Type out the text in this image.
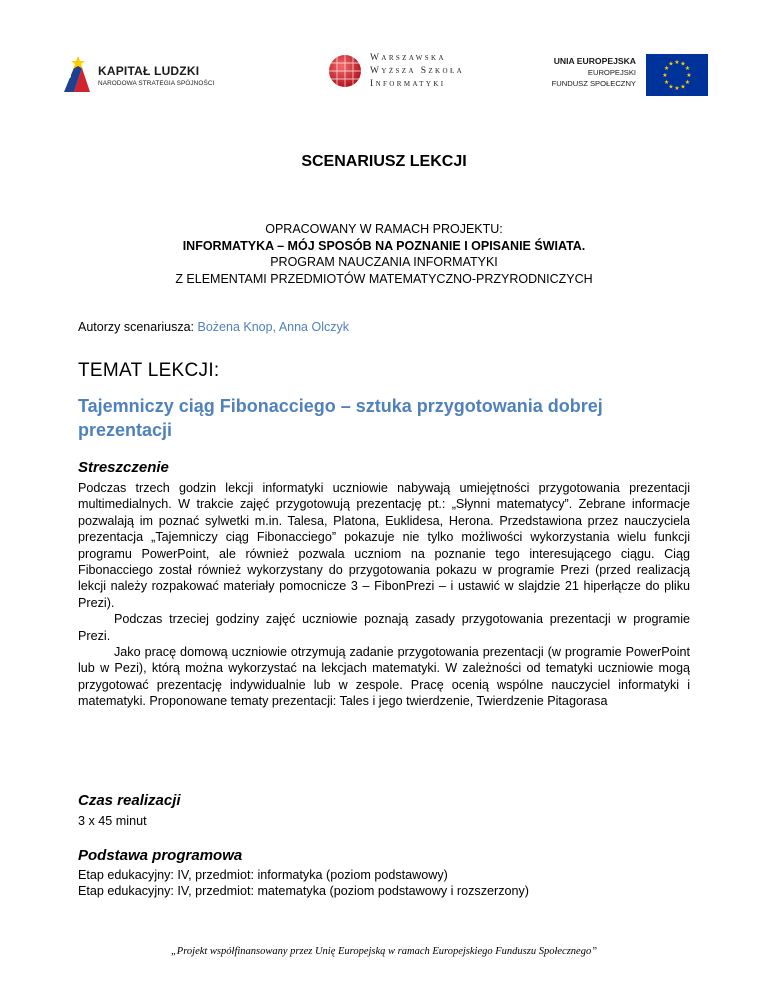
KAPITAŁ LUDZKI
NARODOWA STRATEGIA SPÓJNOŚCI
Warszawska
Wyższa Szkoła
Informatyki
UNIA EUROPEJSKA
EUROPEJSKI
FUNDUSZ SPOŁECZNY
★ ★
★
★
★
★
★
★
★
★
★
★
SCENARIUSZ LEKCJI
OPRACOWANY W RAMACH PROJEKTU:
INFORMATYKA – MÓJ SPOSÓB NA POZNANIE I OPISANIE ŚWIATA.
PROGRAM NAUCZANIA INFORMATYKI
Z ELEMENTAMI PRZEDMIOTÓW MATEMATYCZNO-PRZYRODNICZYCH
Autorzy scenariusza: Bożena Knop, Anna Olczyk
TEMAT LEKCJI:
Tajemniczy ciąg Fibonacciego – sztuka przygotowania dobrej prezentacji
Streszczenie

Podczas trzech godzin lekcji informatyki uczniowie nabywają umiejętności przygotowania prezentacji multimedialnych. W trakcie zajęć przygotowują prezentację pt.: „Słynni matematycy”. Zebrane informacje pozwalają im poznać sylwetki m.in. Talesa, Platona, Euklidesa, Herona. Przedstawiona przez nauczyciela prezentacja „Tajemniczy ciąg Fibonacciego” pokazuje nie tylko możliwości wykorzystania wielu funkcji programu PowerPoint, ale również pozwala uczniom na poznanie tego interesującego ciągu. Ciąg Fibonacciego został również wykorzystany do przygotowania pokazu w programie Prezi (przed realizacją lekcji należy rozpakować materiały pomocnicze 3 – FibonPrezi – i ustawić w slajdzie 21 hiperłącze do pliku Prezi).

Podczas trzeciej godziny zajęć uczniowie poznają zasady przygotowania prezentacji w programie Prezi.

Jako pracę domową uczniowie otrzymują zadanie przygotowania prezentacji (w programie PowerPoint lub w Pezi), którą można wykorzystać na lekcjach matematyki. W zależności od tematyki uczniowie mogą przygotować prezentację indywidualnie lub w zespole. Pracę ocenią wspólne nauczyciel informatyki i matematyki. Proponowane tematy prezentacji: Tales i jego twierdzenie, Twierdzenie Pitagorasa

Czas realizacji
3 x 45 minut
Podstawa programowa
Etap edukacyjny: IV, przedmiot: informatyka (poziom podstawowy)
Etap edukacyjny: IV, przedmiot: matematyka (poziom podstawowy i rozszerzony)
„Projekt współfinansowany przez Unię Europejską w ramach Europejskiego Funduszu Społecznego”
